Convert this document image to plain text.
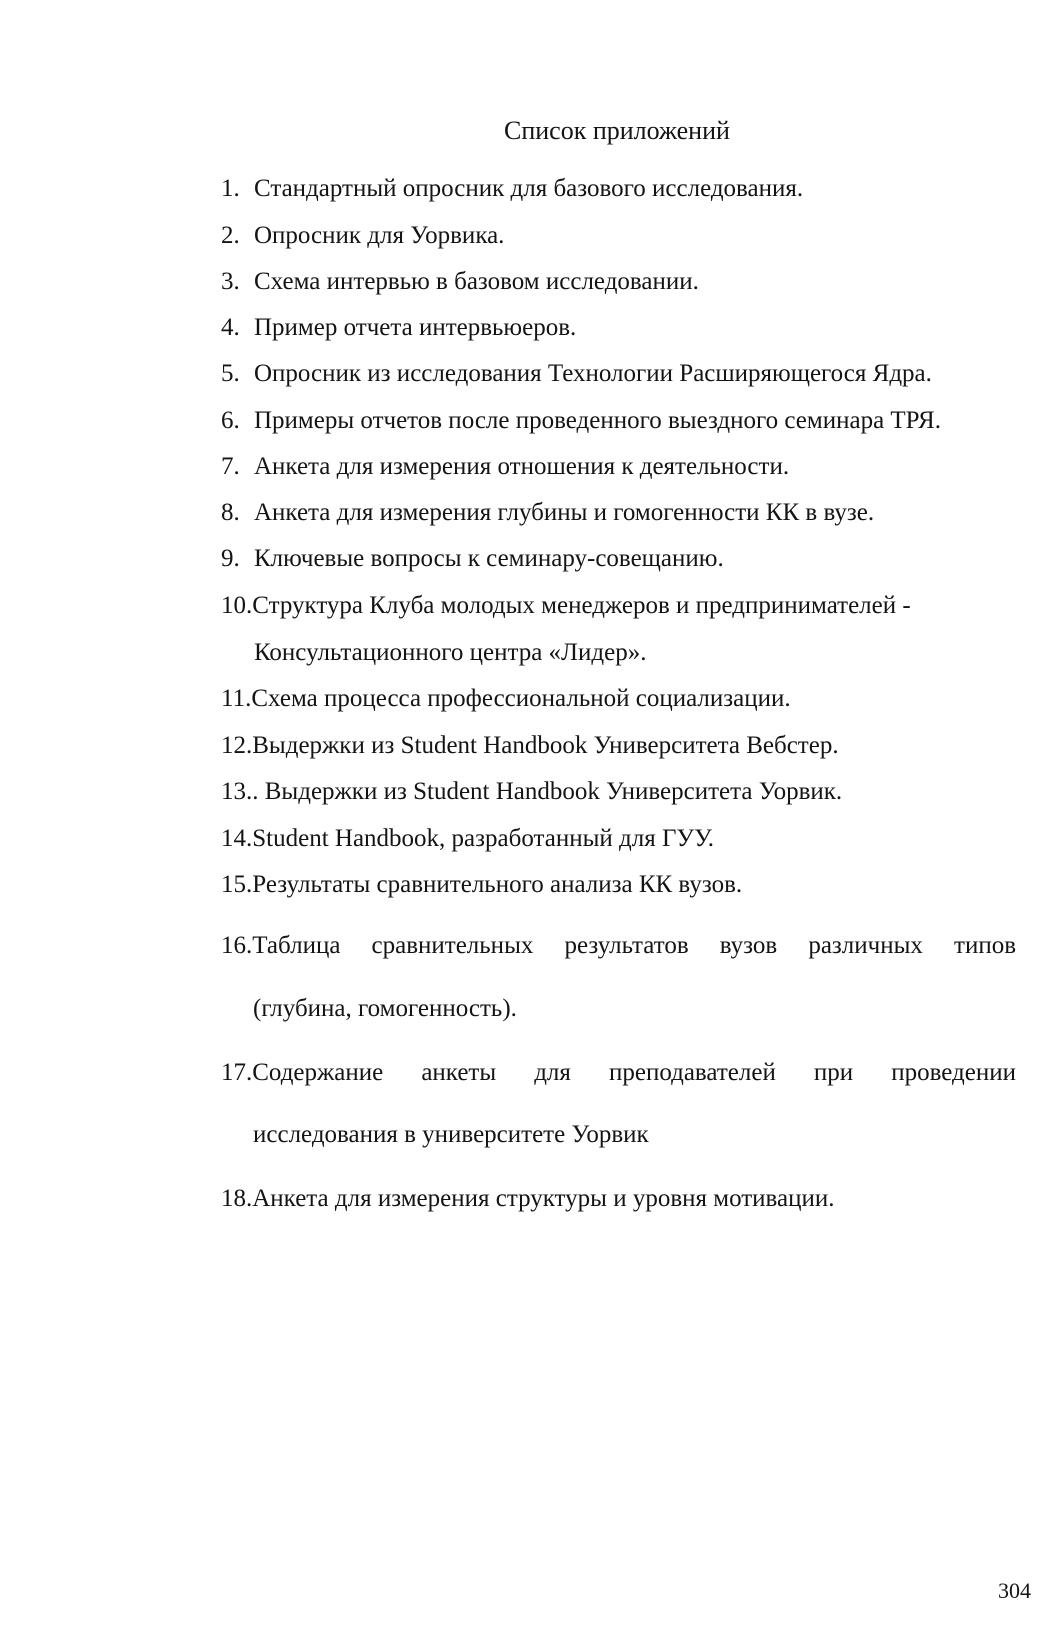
Список приложений
1. Стандартный опросник для базового исследования.
2. Опросник для Уорвика.
3. Схема интервью в базовом исследовании.
4. Пример отчета интервьюеров.
5. Опросник из исследования Технологии Расширяющегося Ядра.
6. Примеры отчетов после проведенного выездного семинара ТРЯ.
7. Анкета для измерения отношения к деятельности.
8. Анкета для измерения глубины и гомогенности КК в вузе.
9. Ключевые вопросы к семинару-совещанию.
10.Структура Клуба молодых менеджеров и предпринимателей -
Консультационного центра «Лидер».
11.Схема процесса профессиональной социализации.
12.Выдержки из Student Handbook Университета Вебстер.
13.. Выдержки из Student Handbook Университета Уорвик.
14.Student Handbook, разработанный для ГУУ.
15.Результаты сравнительного анализа КК вузов.
16.Таблица сравнительных результатов вузов различных типов
(глубина, гомогенность).
17.Содержание анкеты для преподавателей при проведении
исследования в университете Уорвик
18.Анкета для измерения структуры и уровня мотивации.
304
